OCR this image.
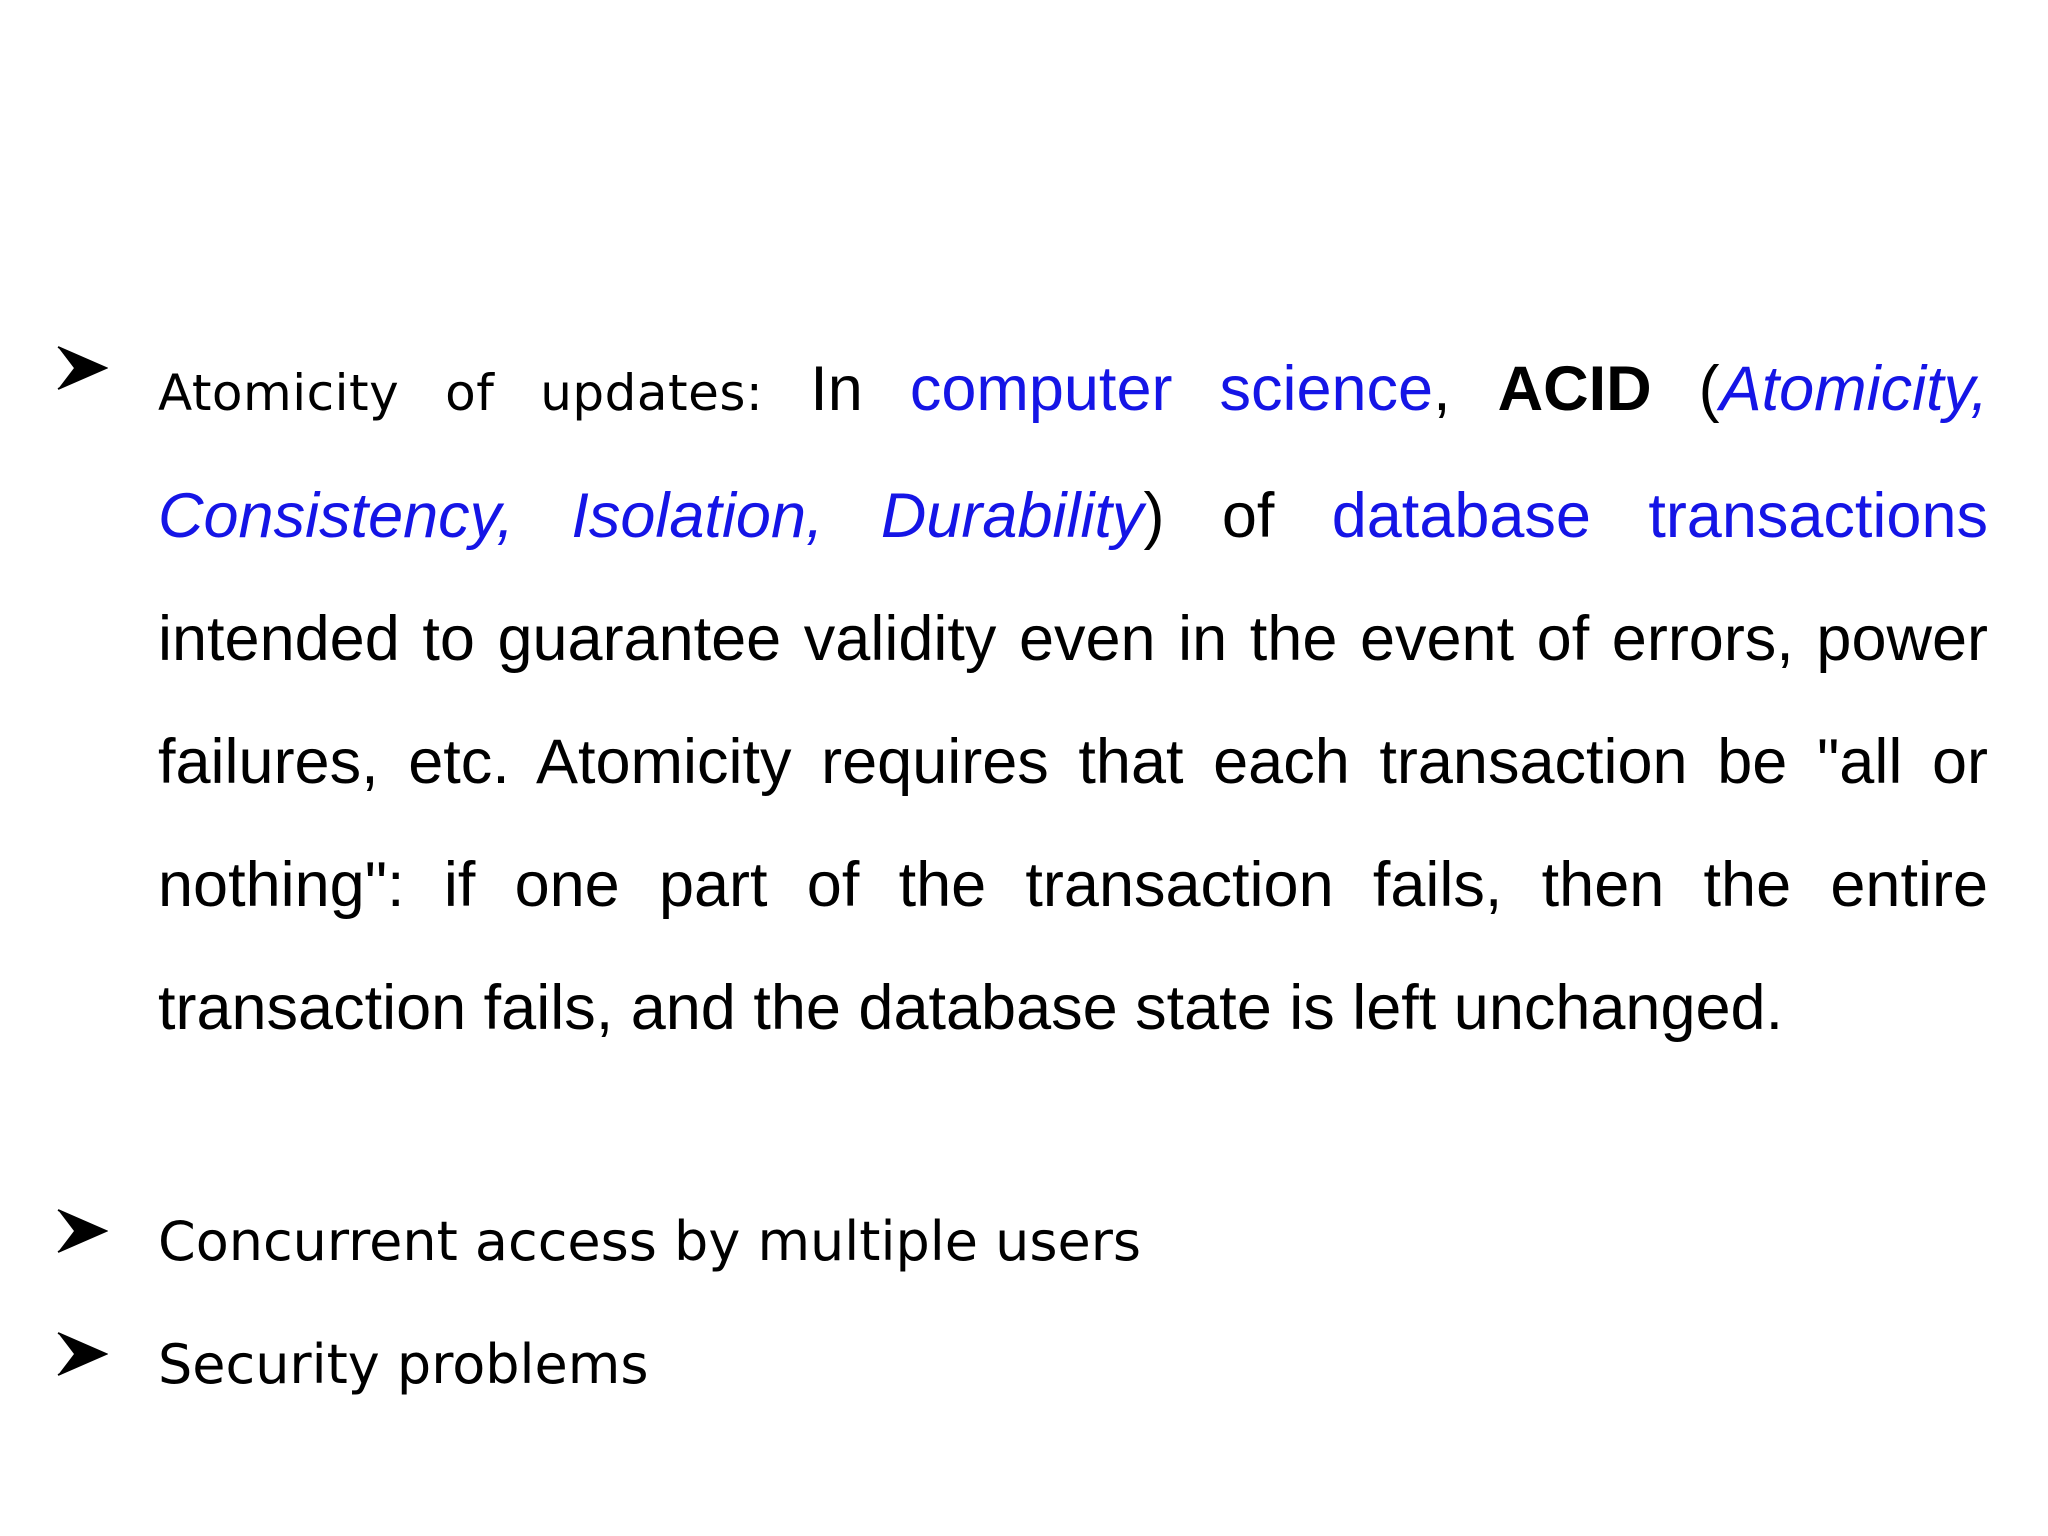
Atomicity of updates: In computer science, ACID (Atomicity, Consistency, Isolation, Durability) of database transactions intended to guarantee validity even in the event of errors, power failures, etc. Atomicity requires that each transaction be "all or nothing": if one part of the transaction fails, then the entire transaction fails, and the database state is left unchanged.
Concurrent access by multiple users
Security problems
